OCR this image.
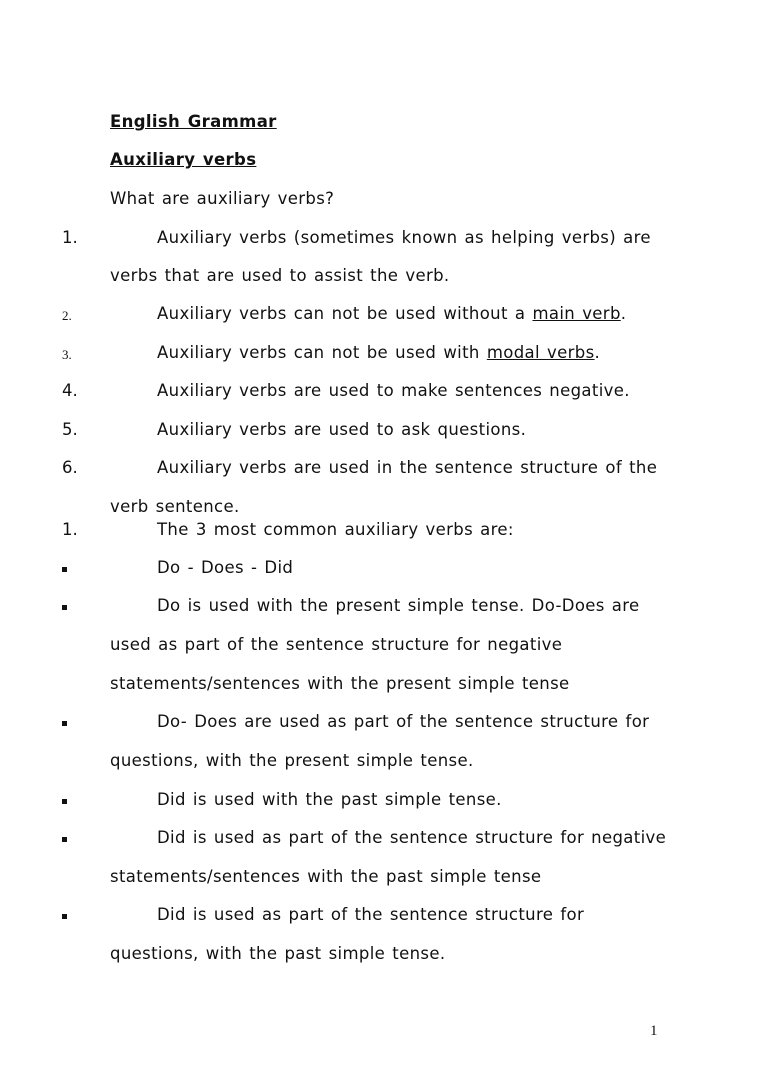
English Grammar
Auxiliary verbs
What are auxiliary verbs?
1.	Auxiliary verbs (sometimes known as helping verbs) are
verbs that are used to assist the verb.
2.	Auxiliary verbs can not be used without a main verb.
3.	Auxiliary verbs can not be used with modal verbs.
4.	Auxiliary verbs are used to make sentences negative.
5.	Auxiliary verbs are used to ask questions.
6.	Auxiliary verbs are used in the sentence structure of the
verb sentence.
1.	The 3 most common auxiliary verbs are:
Do - Does - Did
Do is used with the present simple tense. Do-Does are
used as part of the sentence structure for negative
statements/sentences with the present simple tense
Do- Does are used as part of the sentence structure for
questions, with the present simple tense.
Did is used with the past simple tense.
Did is used as part of the sentence structure for negative
statements/sentences with the past simple tense
Did is used as part of the sentence structure for
questions, with the past simple tense.
1
